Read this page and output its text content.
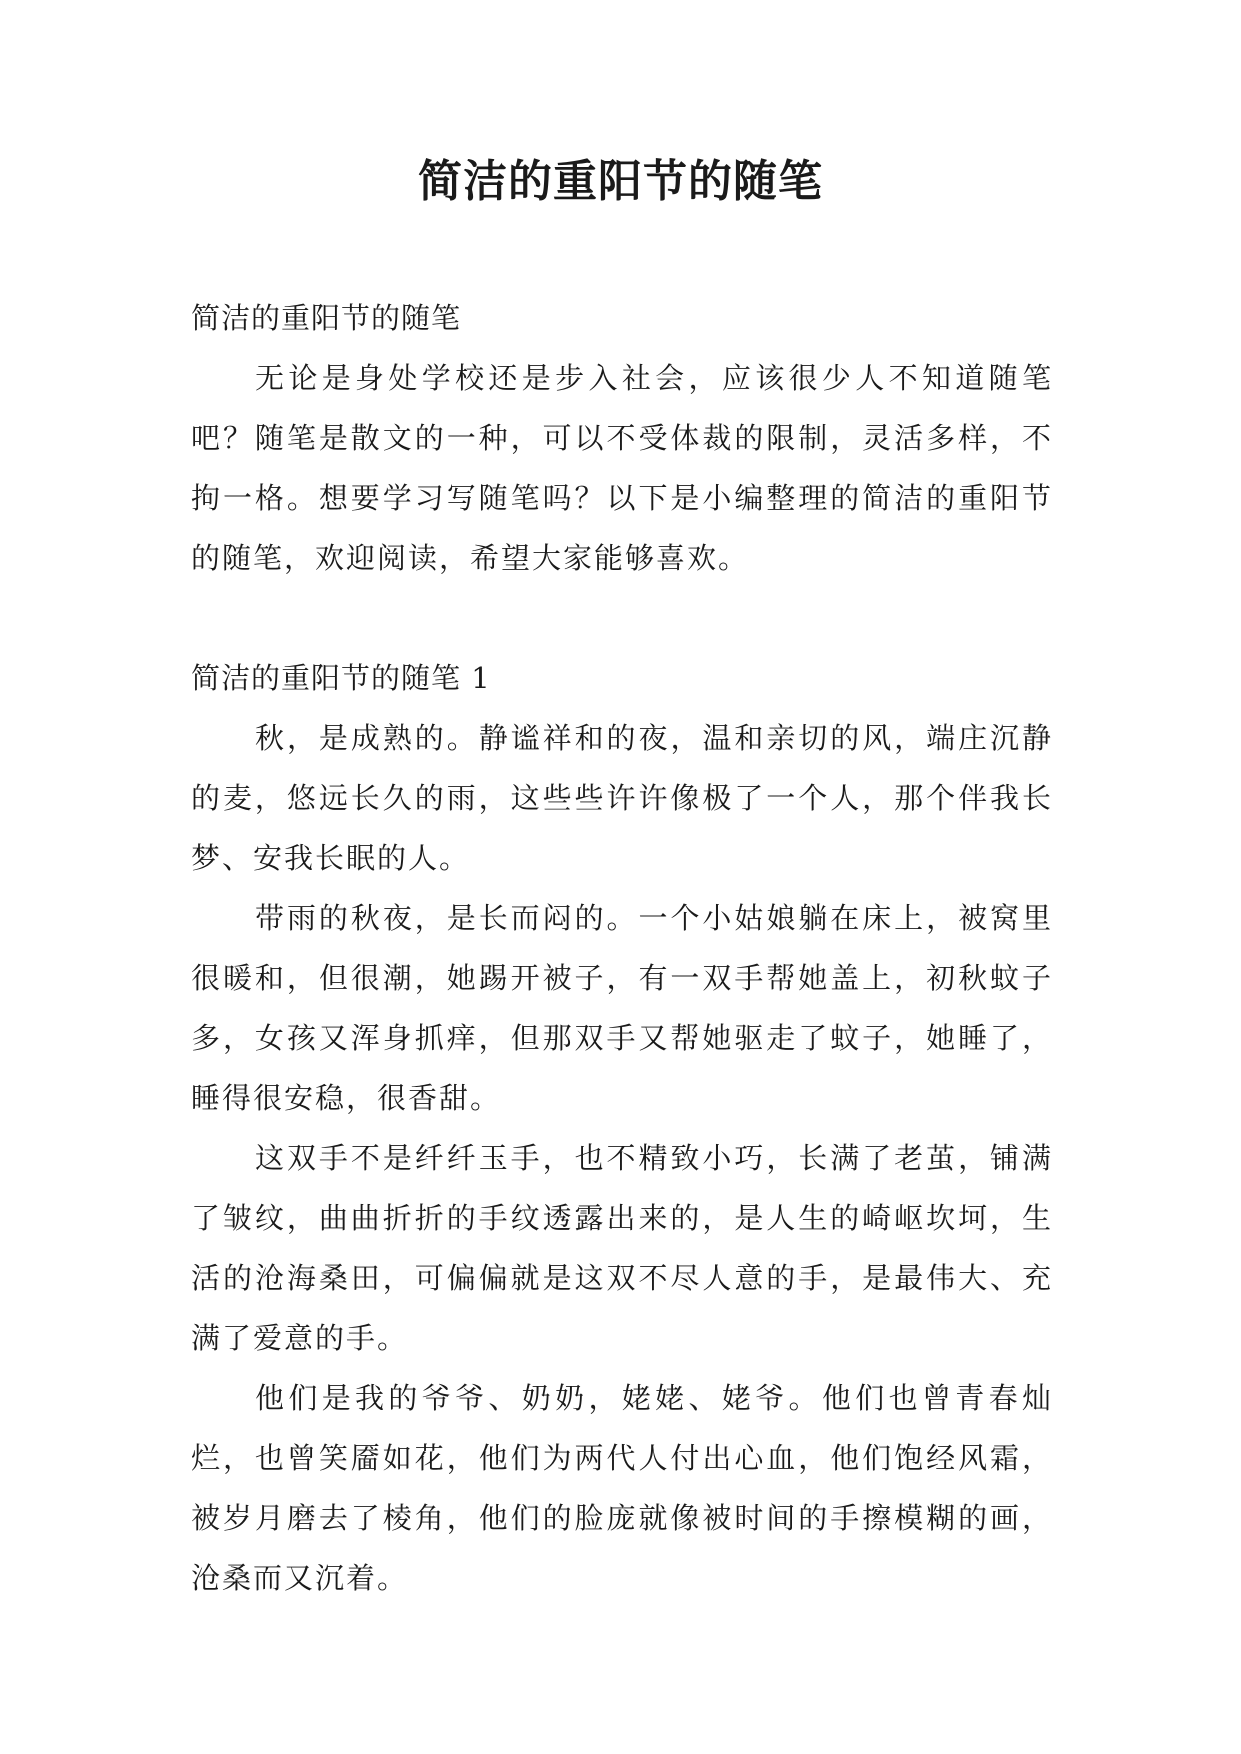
简洁的重阳节的随笔

简洁的重阳节的随笔

无论是身处学校还是步入社会，应该很少人不知道随笔吧？随笔是散文的一种，可以不受体裁的限制，灵活多样，不拘一格。想要学习写随笔吗？以下是小编整理的简洁的重阳节的随笔，欢迎阅读，希望大家能够喜欢。

简洁的重阳节的随笔 1

秋，是成熟的。静谧祥和的夜，温和亲切的风，端庄沉静的麦，悠远长久的雨，这些些许许像极了一个人，那个伴我长梦、安我长眠的人。

带雨的秋夜，是长而闷的。一个小姑娘躺在床上，被窝里很暖和，但很潮，她踢开被子，有一双手帮她盖上，初秋蚊子多，女孩又浑身抓痒，但那双手又帮她驱走了蚊子，她睡了，睡得很安稳，很香甜。

这双手不是纤纤玉手，也不精致小巧，长满了老茧，铺满了皱纹，曲曲折折的手纹透露出来的，是人生的崎岖坎坷，生活的沧海桑田，可偏偏就是这双不尽人意的手，是最伟大、充满了爱意的手。

他们是我的爷爷、奶奶，姥姥、姥爷。他们也曾青春灿烂，也曾笑靥如花，他们为两代人付出心血，他们饱经风霜，被岁月磨去了棱角，他们的脸庞就像被时间的手擦模糊的画，沧桑而又沉着。
